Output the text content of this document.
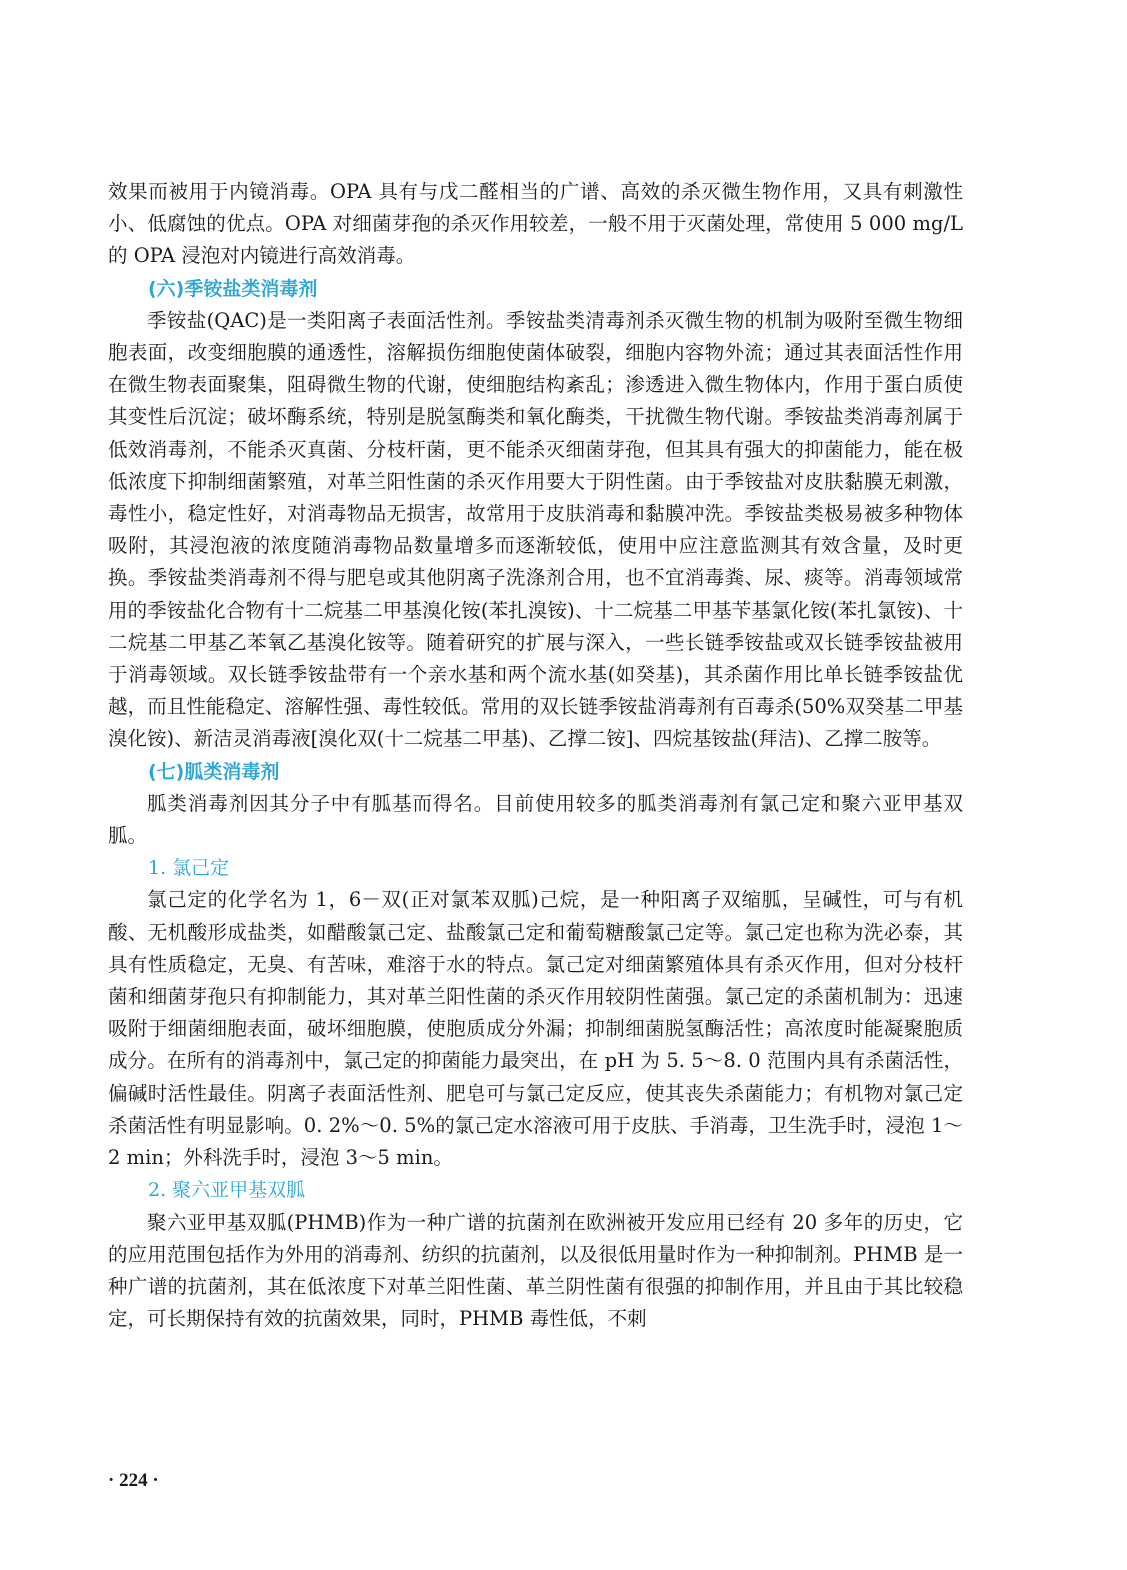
效果而被用于内镜消毒。OPA 具有与戊二醛相当的广谱、高效的杀灭微生物作用，又具有刺激性小、低腐蚀的优点。OPA 对细菌芽孢的杀灭作用较差，一般不用于灭菌处理，常使用 5 000 mg/L 的 OPA 浸泡对内镜进行高效消毒。

(六)季铵盐类消毒剂

季铵盐(QAC)是一类阳离子表面活性剂。季铵盐类清毒剂杀灭微生物的机制为吸附至微生物细胞表面，改变细胞膜的通透性，溶解损伤细胞使菌体破裂，细胞内容物外流；通过其表面活性作用在微生物表面聚集，阻碍微生物的代谢，使细胞结构紊乱；渗透进入微生物体内，作用于蛋白质使其变性后沉淀；破坏酶系统，特别是脱氢酶类和氧化酶类，干扰微生物代谢。季铵盐类消毒剂属于低效消毒剂，不能杀灭真菌、分枝杆菌，更不能杀灭细菌芽孢，但其具有强大的抑菌能力，能在极低浓度下抑制细菌繁殖，对革兰阳性菌的杀灭作用要大于阴性菌。由于季铵盐对皮肤黏膜无刺激，毒性小，稳定性好，对消毒物品无损害，故常用于皮肤消毒和黏膜冲洗。季铵盐类极易被多种物体吸附，其浸泡液的浓度随消毒物品数量增多而逐渐较低，使用中应注意监测其有效含量，及时更换。季铵盐类消毒剂不得与肥皂或其他阴离子洗涤剂合用，也不宜消毒粪、尿、痰等。消毒领域常用的季铵盐化合物有十二烷基二甲基溴化铵(苯扎溴铵)、十二烷基二甲基苄基氯化铵(苯扎氯铵)、十二烷基二甲基乙苯氧乙基溴化铵等。随着研究的扩展与深入，一些长链季铵盐或双长链季铵盐被用于消毒领域。双长链季铵盐带有一个亲水基和两个流水基(如癸基)，其杀菌作用比单长链季铵盐优越，而且性能稳定、溶解性强、毒性较低。常用的双长链季铵盐消毒剂有百毒杀(50%双癸基二甲基溴化铵)、新洁灵消毒液[溴化双(十二烷基二甲基)、乙撑二铵]、四烷基铵盐(拜洁)、乙撑二胺等。

(七)胍类消毒剂

胍类消毒剂因其分子中有胍基而得名。目前使用较多的胍类消毒剂有氯己定和聚六亚甲基双胍。

1. 氯己定

氯己定的化学名为 1，6－双(正对氯苯双胍)己烷，是一种阳离子双缩胍，呈碱性，可与有机酸、无机酸形成盐类，如醋酸氯己定、盐酸氯己定和葡萄糖酸氯己定等。氯己定也称为洗必泰，其具有性质稳定，无臭、有苦味，难溶于水的特点。氯己定对细菌繁殖体具有杀灭作用，但对分枝杆菌和细菌芽孢只有抑制能力，其对革兰阳性菌的杀灭作用较阴性菌强。氯己定的杀菌机制为：迅速吸附于细菌细胞表面，破坏细胞膜，使胞质成分外漏；抑制细菌脱氢酶活性；高浓度时能凝聚胞质成分。在所有的消毒剂中，氯己定的抑菌能力最突出，在 pH 为 5. 5～8. 0 范围内具有杀菌活性，偏碱时活性最佳。阴离子表面活性剂、肥皂可与氯己定反应，使其丧失杀菌能力；有机物对氯己定杀菌活性有明显影响。0. 2%～0. 5%的氯己定水溶液可用于皮肤、手消毒，卫生洗手时，浸泡 1～2 min；外科洗手时，浸泡 3～5 min。

2. 聚六亚甲基双胍

聚六亚甲基双胍(PHMB)作为一种广谱的抗菌剂在欧洲被开发应用已经有 20 多年的历史，它的应用范围包括作为外用的消毒剂、纺织的抗菌剂，以及很低用量时作为一种抑制剂。PHMB 是一种广谱的抗菌剂，其在低浓度下对革兰阳性菌、革兰阴性菌有很强的抑制作用，并且由于其比较稳定，可长期保持有效的抗菌效果，同时，PHMB 毒性低，不刺

· 224 ·
